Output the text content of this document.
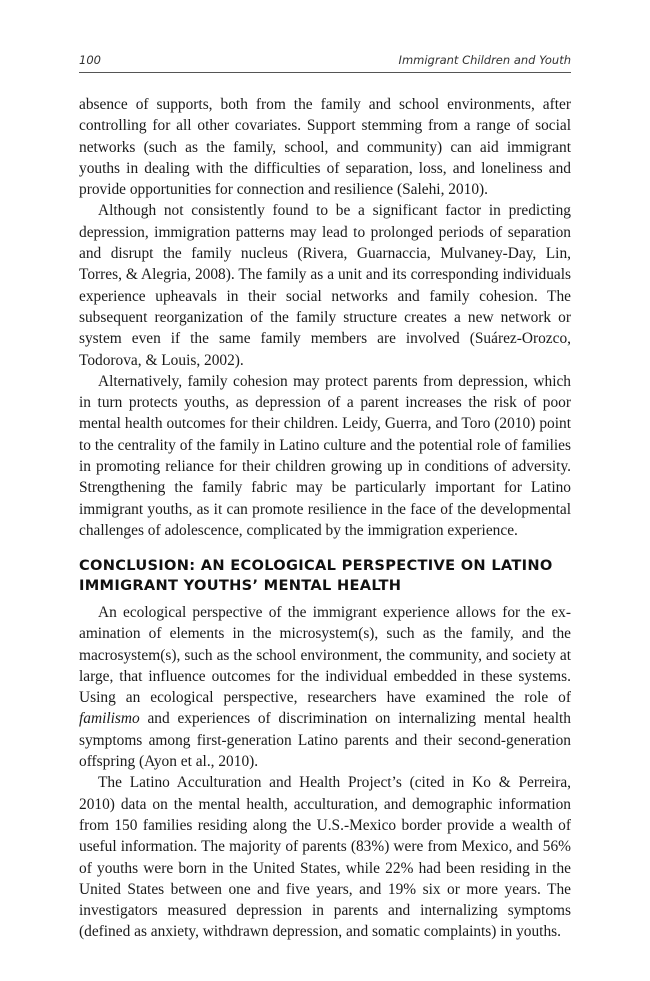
100	Immigrant Children and Youth

absence of supports, both from the family and school environments, after controlling for all other covariates. Support stemming from a range of social networks (such as the family, school, and community) can aid immigrant youths in dealing with the difficulties of separation, loss, and loneliness and provide opportunities for connection and resilience (Salehi, 2010).

Although not consistently found to be a significant factor in predicting depression, immigration patterns may lead to prolonged periods of separation and disrupt the family nucleus (Rivera, Guarnaccia, Mulvaney-Day, Lin, Torres, & Alegria, 2008). The family as a unit and its corresponding individuals experience upheavals in their social networks and family cohesion. The subsequent reorganization of the family structure creates a new network or system even if the same family members are involved (Suárez-Orozco, Todorova, & Louis, 2002).

Alternatively, family cohesion may protect parents from depression, which in turn protects youths, as depression of a parent increases the risk of poor mental health outcomes for their children. Leidy, Guerra, and Toro (2010) point to the centrality of the family in Latino culture and the potential role of families in promoting reliance for their children growing up in conditions of adversity. Strengthening the family fabric may be particularly important for Latino immigrant youths, as it can promote resilience in the face of the developmental challenges of adolescence, complicated by the immigration experience.

CONCLUSION: AN ECOLOGICAL PERSPECTIVE ON LATINO
IMMIGRANT YOUTHS’ MENTAL HEALTH

An ecological perspective of the immigrant experience allows for the examination of elements in the microsystem(s), such as the family, and the macrosystem(s), such as the school environment, the community, and society at large, that influence outcomes for the individual embedded in these systems. Using an ecological perspective, researchers have examined the role of familismo and experiences of discrimination on internalizing mental health symptoms among first-generation Latino parents and their second-generation offspring (Ayon et al., 2010).

The Latino Acculturation and Health Project’s (cited in Ko & Perreira, 2010) data on the mental health, acculturation, and demographic information from 150 families residing along the U.S.-Mexico border provide a wealth of useful information. The majority of parents (83%) were from Mexico, and 56% of youths were born in the United States, while 22% had been residing in the United States between one and five years, and 19% six or more years. The investigators measured depression in parents and internalizing symptoms (defined as anxiety, withdrawn depression, and somatic complaints) in youths.
